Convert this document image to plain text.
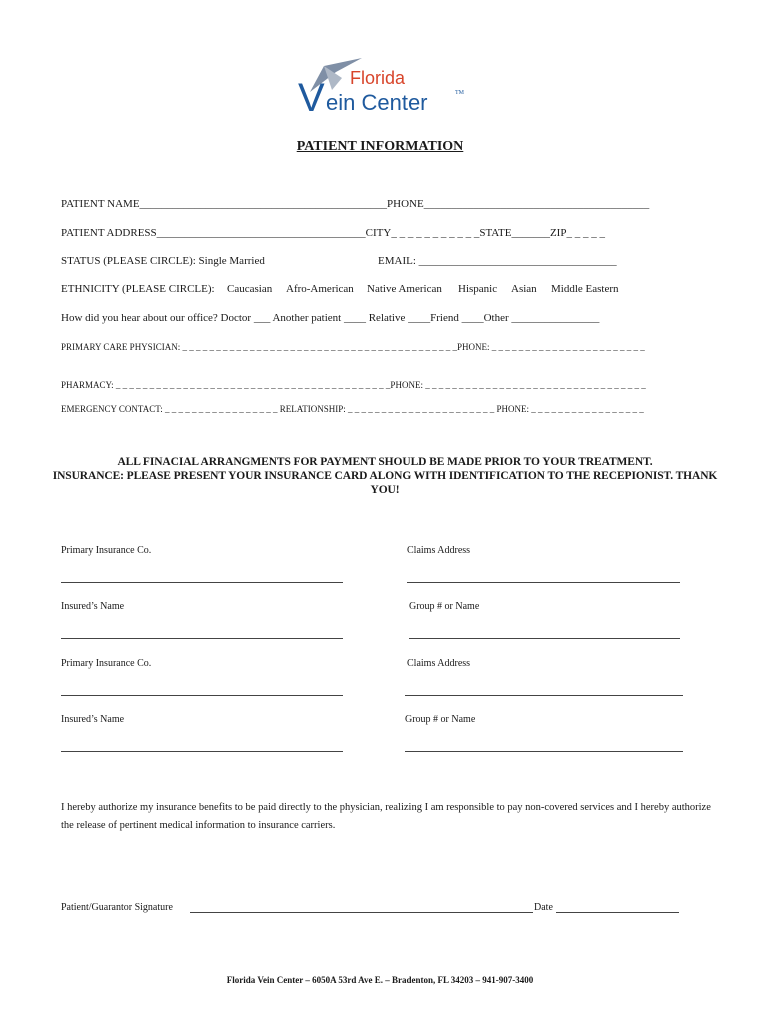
Florida
V ein Center	TM
PATIENT INFORMATION
PATIENT NAME_____________________________________________PHONE_________________________________________
PATIENT ADDRESS______________________________________CITY_ _ _ _ _ _ _ _ _ _ _STATE_______ZIP_ _ _ _ _
STATUS (PLEASE CIRCLE): Single Married	EMAIL: ____________________________________
ETHNICITY (PLEASE CIRCLE): Caucasian Afro-American Native American Hispanic Asian Middle Eastern
How did you hear about our office? Doctor ___ Another patient ____ Relative ____Friend ____Other ________________
PRIMARY CARE PHYSICIAN: _ _ _ _ _ _ _ _ _ _ _ _ _ _ _ _ _ _ _ _ _ _ _ _ _ _ _ _ _ _ _ _ _ _ _ _ _ _ _ _ _PHONE: _ _ _ _ _ _ _ _ _ _ _ _ _ _ _ _ _ _ _ _ _ _ _
PHARMACY: _ _ _ _ _ _ _ _ _ _ _ _ _ _ _ _ _ _ _ _ _ _ _ _ _ _ _ _ _ _ _ _ _ _ _ _ _ _ _ _ _PHONE: _ _ _ _ _ _ _ _ _ _ _ _ _ _ _ _ _ _ _ _ _ _ _ _ _ _ _ _ _ _ _ _ _
EMERGENCY CONTACT: _ _ _ _ _ _ _ _ _ _ _ _ _ _ _ _ _ RELATIONSHIP: _ _ _ _ _ _ _ _ _ _ _ _ _ _ _ _ _ _ _ _ _ _ PHONE: _ _ _ _ _ _ _ _ _ _ _ _ _ _ _ _ _
ALL FINACIAL ARRANGMENTS FOR PAYMENT SHOULD BE MADE PRIOR TO YOUR TREATMENT.
INSURANCE: PLEASE PRESENT YOUR INSURANCE CARD ALONG WITH IDENTIFICATION TO THE RECEPIONIST. THANK YOU!
Primary Insurance Co.	Claims Address
Insured’s Name	Group # or Name
Primary Insurance Co.	Claims Address
Insured’s Name	Group # or Name
I hereby authorize my insurance benefits to be paid directly to the physician, realizing I am responsible to pay non-covered services and I hereby authorize the release of pertinent medical information to insurance carriers.
Patient/Guarantor Signature	Date
Florida Vein Center – 6050A 53rd Ave E. – Bradenton, FL 34203 – 941-907-3400
